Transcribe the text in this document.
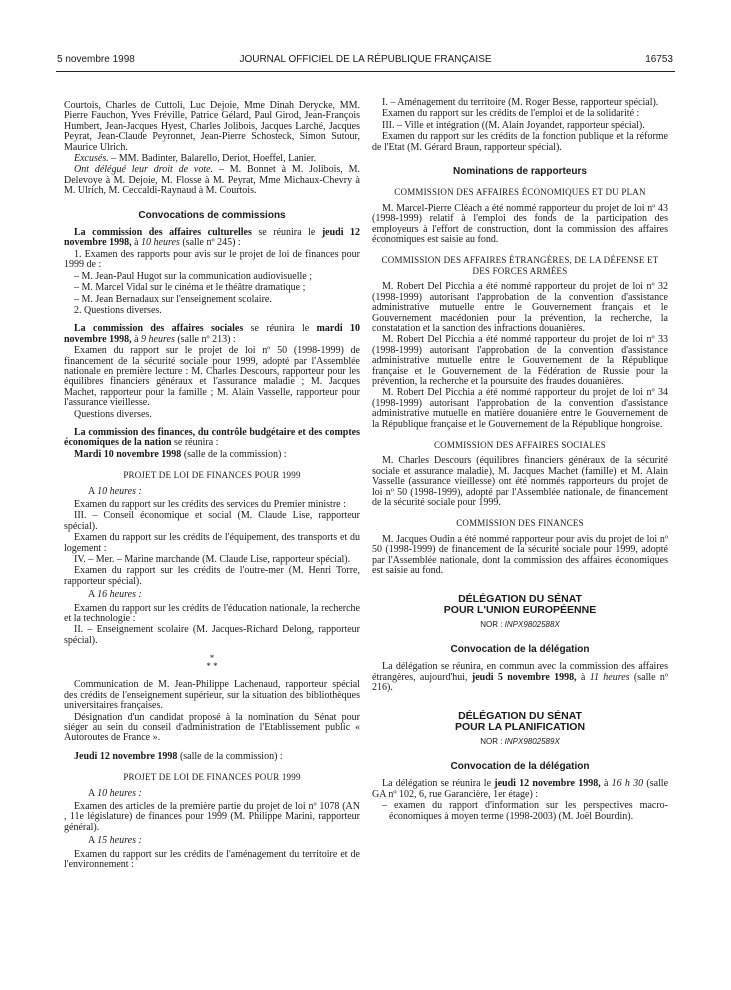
5 novembre 1998	JOURNAL OFFICIEL DE LA RÉPUBLIQUE FRANÇAISE	16753
Courtois, Charles de Cuttoli, Luc Dejoie, Mme Dinah Derycke, MM. Pierre Fauchon, Yves Fréville, Patrice Gélard, Paul Girod, Jean-François Humbert, Jean-Jacques Hyest, Charles Jolibois, Jacques Larché, Jacques Peyrat, Jean-Claude Peyronnet, Jean-Pierre Schosteck, Simon Sutour, Maurice Ulrich.
Excusés. – MM. Badinter, Balarello, Deriot, Hoeffel, Lanier.
Ont délégué leur droit de vote. – M. Bonnet à M. Jolibois, M. Delevoye à M. Dejoie, M. Flosse à M. Peyrat, Mme Michaux-Chevry à M. Ulrich, M. Ceccaldi-Raynaud à M. Courtois.
Convocations de commissions
La commission des affaires culturelles se réunira le jeudi 12 novembre 1998, à 10 heures (salle nº 245) :
1. Examen des rapports pour avis sur le projet de loi de finances pour 1999 de :
– M. Jean-Paul Hugot sur la communication audiovisuelle ;
– M. Marcel Vidal sur le cinéma et le théâtre dramatique ;
– M. Jean Bernadaux sur l'enseignement scolaire.
2. Questions diverses.
La commission des affaires sociales se réunira le mardi 10 novembre 1998, à 9 heures (salle nº 213) :
Examen du rapport sur le projet de loi nº 50 (1998-1999) de financement de la sécurité sociale pour 1999, adopté par l'Assemblée nationale en première lecture : M. Charles Descours, rapporteur pour les équilibres financiers généraux et l'assurance maladie ; M. Jacques Machet, rapporteur pour la famille ; M. Alain Vasselle, rapporteur pour l'assurance vieillesse.
Questions diverses.
La commission des finances, du contrôle budgétaire et des comptes économiques de la nation se réunira :
Mardi 10 novembre 1998 (salle de la commission) :
PROJET DE LOI DE FINANCES POUR 1999
A 10 heures :
Examen du rapport sur les crédits des services du Premier ministre :
III. – Conseil économique et social (M. Claude Lise, rapporteur spécial).
Examen du rapport sur les crédits de l'équipement, des transports et du logement :
IV. – Mer. – Marine marchande (M. Claude Lise, rapporteur spécial).
Examen du rapport sur les crédits de l'outre-mer (M. Henri Torre, rapporteur spécial).
A 16 heures :
Examen du rapport sur les crédits de l'éducation nationale, la recherche et la technologie :
II. – Enseignement scolaire (M. Jacques-Richard Delong, rapporteur spécial).
*
* *
Communication de M. Jean-Philippe Lachenaud, rapporteur spécial des crédits de l'enseignement supérieur, sur la situation des bibliothèques universitaires françaises.
Désignation d'un candidat proposé à la nomination du Sénat pour siéger au sein du conseil d'administration de l'Etablissement public « Autoroutes de France ».
Jeudi 12 novembre 1998 (salle de la commission) :
PROJET DE LOI DE FINANCES POUR 1999
A 10 heures :
Examen des articles de la première partie du projet de loi nº 1078 (AN , 11e législature) de finances pour 1999 (M. Philippe Marini, rapporteur général).
A 15 heures :
Examen du rapport sur les crédits de l'aménagement du territoire et de l'environnement :
I. – Aménagement du territoire (M. Roger Besse, rapporteur spécial).
Examen du rapport sur les crédits de l'emploi et de la solidarité :
III. – Ville et intégration ((M. Alain Joyandet, rapporteur spécial).
Examen du rapport sur les crédits de la fonction publique et la réforme de l'Etat (M. Gérard Braun, rapporteur spécial).
Nominations de rapporteurs
COMMISSION DES AFFAIRES ÉCONOMIQUES ET DU PLAN
M. Marcel-Pierre Cléach a été nommé rapporteur du projet de loi nº 43 (1998-1999) relatif à l'emploi des fonds de la participation des employeurs à l'effort de construction, dont la commission des affaires économiques est saisie au fond.
COMMISSION DES AFFAIRES ÉTRANGÈRES, DE LA DÉFENSE ET DES FORCES ARMÉES
M. Robert Del Picchia a été nommé rapporteur du projet de loi nº 32 (1998-1999) autorisant l'approbation de la convention d'assistance administrative mutuelle entre le Gouvernement français et le Gouvernement macédonien pour la prévention, la recherche, la constatation et la sanction des infractions douanières.
M. Robert Del Picchia a été nommé rapporteur du projet de loi nº 33 (1998-1999) autorisant l'approbation de la convention d'assistance administrative mutuelle entre le Gouvernement de la République française et le Gouvernement de la Fédération de Russie pour la prévention, la recherche et la poursuite des fraudes douanières.
M. Robert Del Picchia a été nommé rapporteur du projet de loi nº 34 (1998-1999) autorisant l'approbation de la convention d'assistance administrative mutuelle en matière douanière entre le Gouvernement de la République française et le Gouvernement de la République hongroise.
COMMISSION DES AFFAIRES SOCIALES
M. Charles Descours (équilibres financiers généraux de la sécurité sociale et assurance maladie), M. Jacques Machet (famille) et M. Alain Vasselle (assurance vieillesse) ont été nommés rapporteurs du projet de loi nº 50 (1998-1999), adopté par l'Assemblée nationale, de financement de la sécurité sociale pour 1999.
COMMISSION DES FINANCES
M. Jacques Oudin a été nommé rapporteur pour avis du projet de loi nº 50 (1998-1999) de financement de la sécurité sociale pour 1999, adopté par l'Assemblée nationale, dont la commission des affaires économiques est saisie au fond.
DÉLÉGATION DU SÉNAT
POUR L'UNION EUROPÉENNE
NOR : INPX9802588X
Convocation de la délégation
La délégation se réunira, en commun avec la commission des affaires étrangères, aujourd'hui, jeudi 5 novembre 1998, à 11 heures (salle nº 216).
DÉLÉGATION DU SÉNAT
POUR LA PLANIFICATION
NOR : INPX9802589X
Convocation de la délégation
La délégation se réunira le jeudi 12 novembre 1998, à 16 h 30 (salle GA nº 102, 6, rue Garancière, 1er étage) :
– examen du rapport d'information sur les perspectives macro-économiques à moyen terme (1998-2003) (M. Joël Bourdin).
